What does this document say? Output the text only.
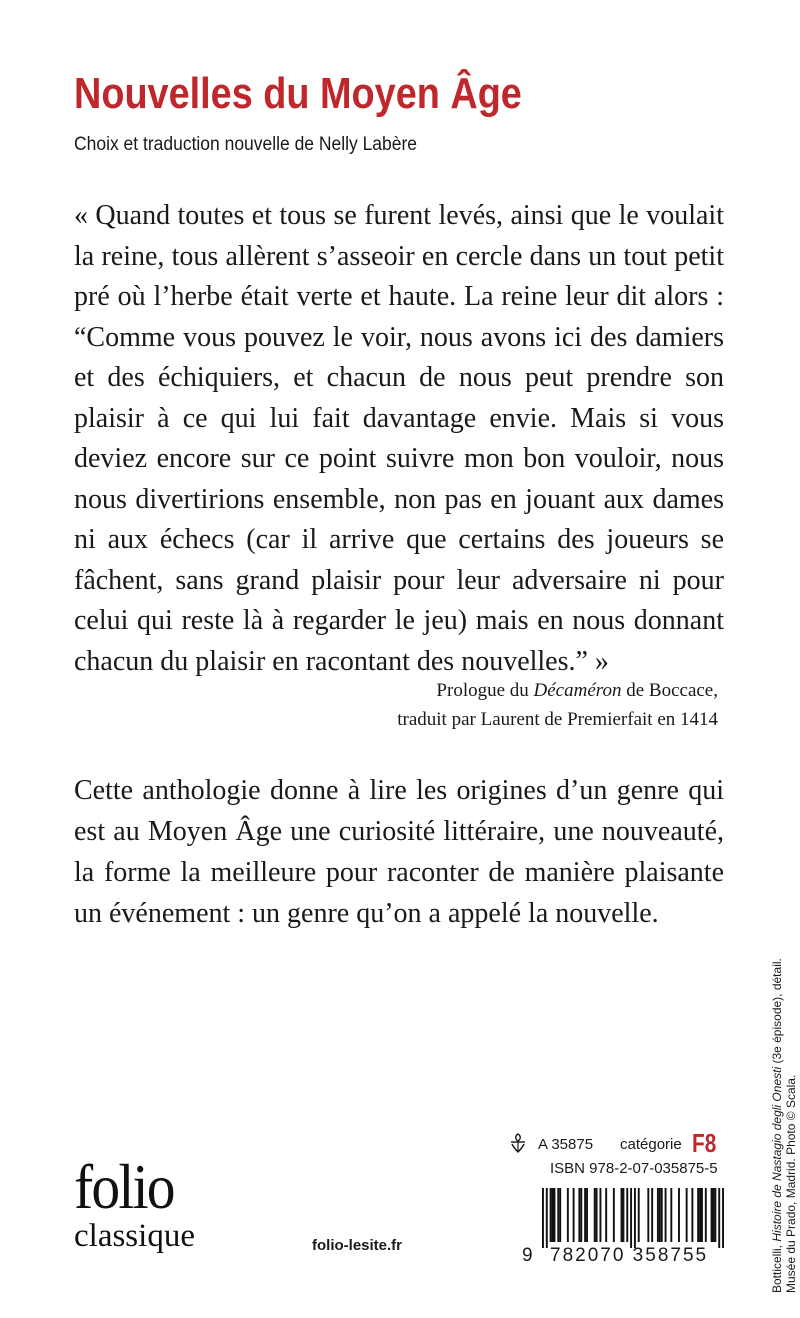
Nouvelles du Moyen Âge

Choix et traduction nouvelle de Nelly Labère

« Quand toutes et tous se furent levés, ainsi que le voulait la reine, tous allèrent s’asseoir en cercle dans un tout petit pré où l’herbe était verte et haute. La reine leur dit alors : “Comme vous pouvez le voir, nous avons ici des damiers et des échiquiers, et chacun de nous peut prendre son plaisir à ce qui lui fait davantage envie. Mais si vous deviez encore sur ce point suivre mon bon vouloir, nous nous divertirions ensemble, non pas en jouant aux dames ni aux échecs (car il arrive que certains des joueurs se fâchent, sans grand plaisir pour leur adversaire ni pour celui qui reste là à regarder le jeu) mais en nous donnant chacun du plaisir en racontant des nouvelles.” »

Prologue du Décaméron de Boccace,
traduit par Laurent de Premierfait en 1414

Cette anthologie donne à lire les origines d’un genre qui est au Moyen Âge une curiosité littéraire, une nouveauté, la forme la meilleure pour raconter de manière plaisante un événement : un genre qu’on a appelé la nouvelle.

Botticelli, Histoire de Nastagio degli Onesti (3e épisode), détail.
Musée du Prado, Madrid. Photo © Scala.
folio
classique	folio-lesite.fr
A 35875 catégorie F8
ISBN 978-2-07-035875-5
9 782070 358755
